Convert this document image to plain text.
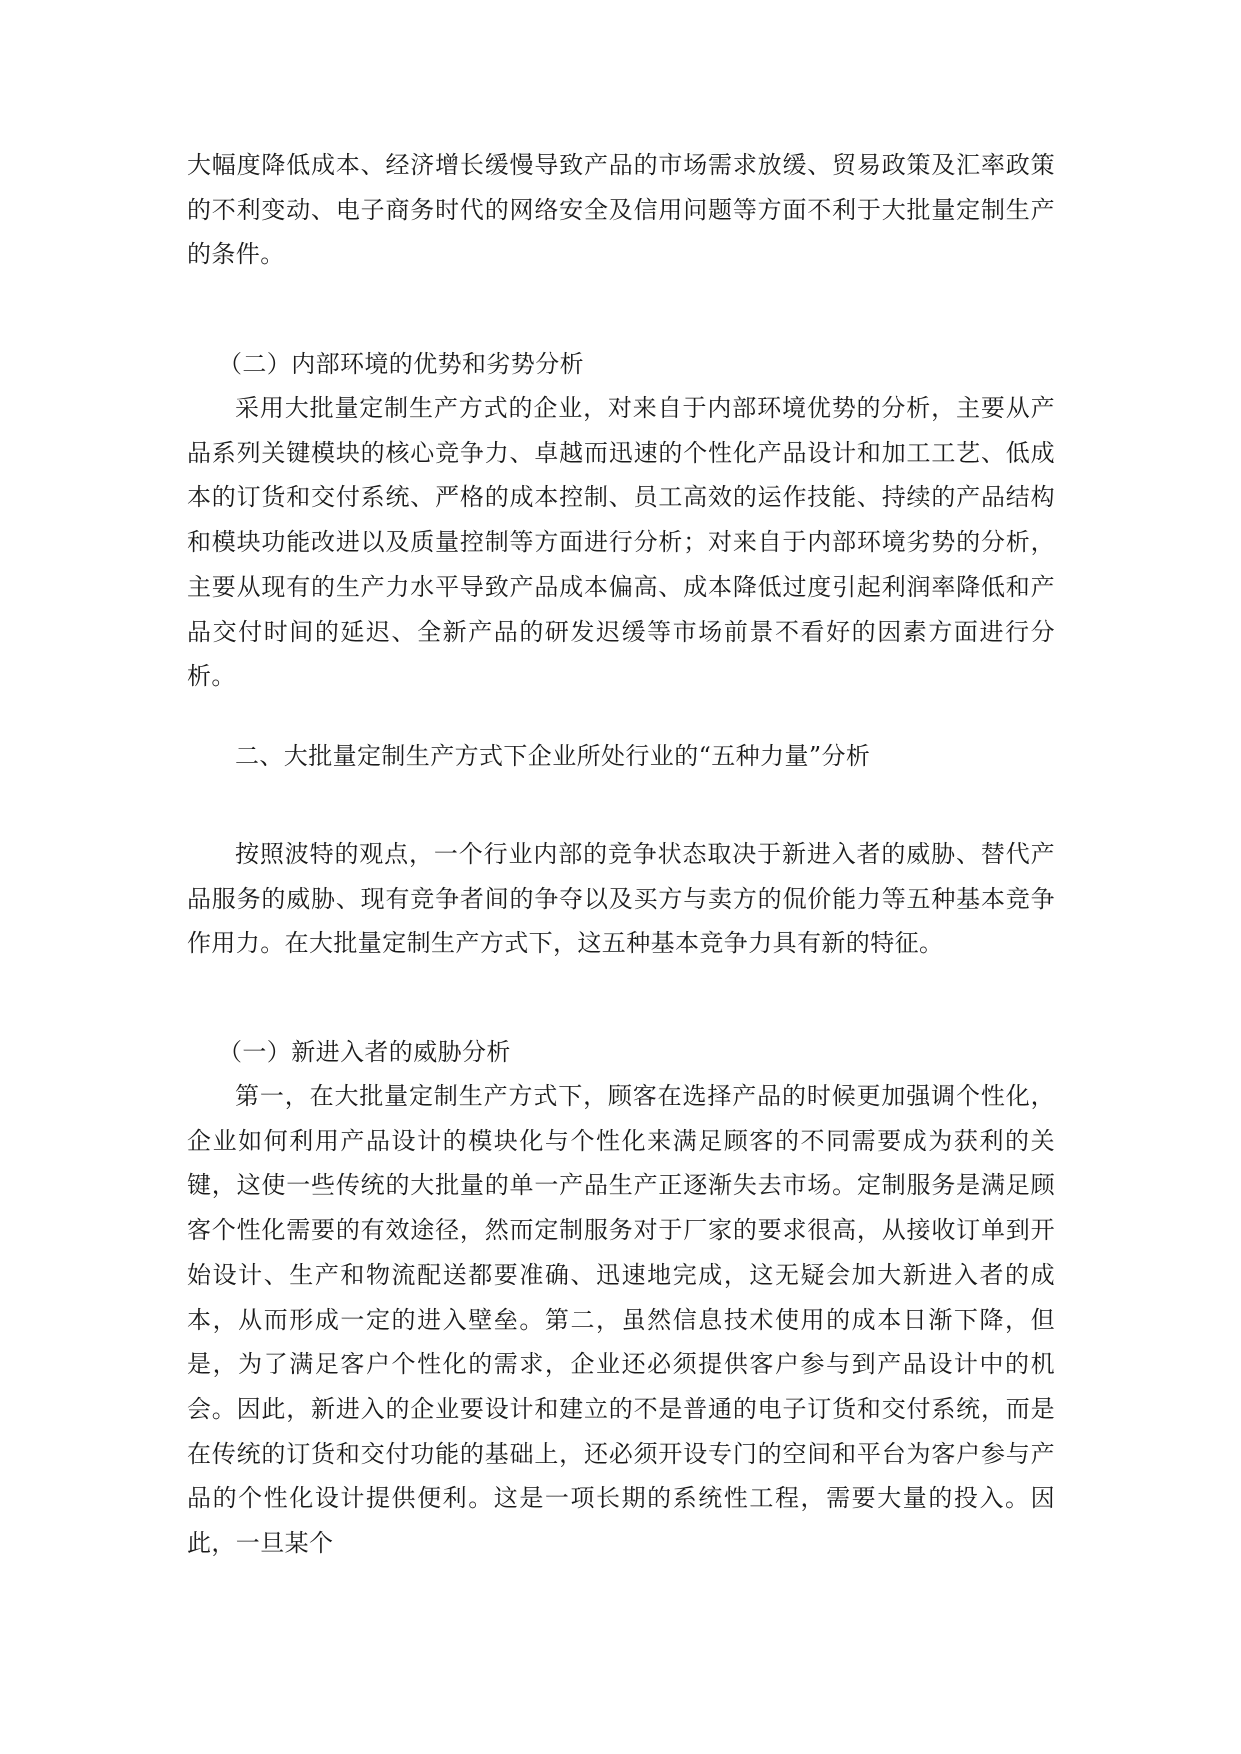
大幅度降低成本、经济增长缓慢导致产品的市场需求放缓、贸易政策及汇率政策的不利变动、电子商务时代的网络安全及信用问题等方面不利于大批量定制生产的条件。

（二）内部环境的优势和劣势分析

采用大批量定制生产方式的企业，对来自于内部环境优势的分析，主要从产品系列关键模块的核心竞争力、卓越而迅速的个性化产品设计和加工工艺、低成本的订货和交付系统、严格的成本控制、员工高效的运作技能、持续的产品结构和模块功能改进以及质量控制等方面进行分析；对来自于内部环境劣势的分析，主要从现有的生产力水平导致产品成本偏高、成本降低过度引起利润率降低和产品交付时间的延迟、全新产品的研发迟缓等市场前景不看好的因素方面进行分析。

二、大批量定制生产方式下企业所处行业的“五种力量”分析

按照波特的观点，一个行业内部的竞争状态取决于新进入者的威胁、替代产品服务的威胁、现有竞争者间的争夺以及买方与卖方的侃价能力等五种基本竞争作用力。在大批量定制生产方式下，这五种基本竞争力具有新的特征。

（一）新进入者的威胁分析

第一，在大批量定制生产方式下，顾客在选择产品的时候更加强调个性化，企业如何利用产品设计的模块化与个性化来满足顾客的不同需要成为获利的关键，这使一些传统的大批量的单一产品生产正逐渐失去市场。定制服务是满足顾客个性化需要的有效途径，然而定制服务对于厂家的要求很高，从接收订单到开始设计、生产和物流配送都要准确、迅速地完成，这无疑会加大新进入者的成本，从而形成一定的进入壁垒。第二，虽然信息技术使用的成本日渐下降，但是，为了满足客户个性化的需求，企业还必须提供客户参与到产品设计中的机会。因此，新进入的企业要设计和建立的不是普通的电子订货和交付系统，而是在传统的订货和交付功能的基础上，还必须开设专门的空间和平台为客户参与产品的个性化设计提供便利。这是一项长期的系统性工程，需要大量的投入。因此，一旦某个
